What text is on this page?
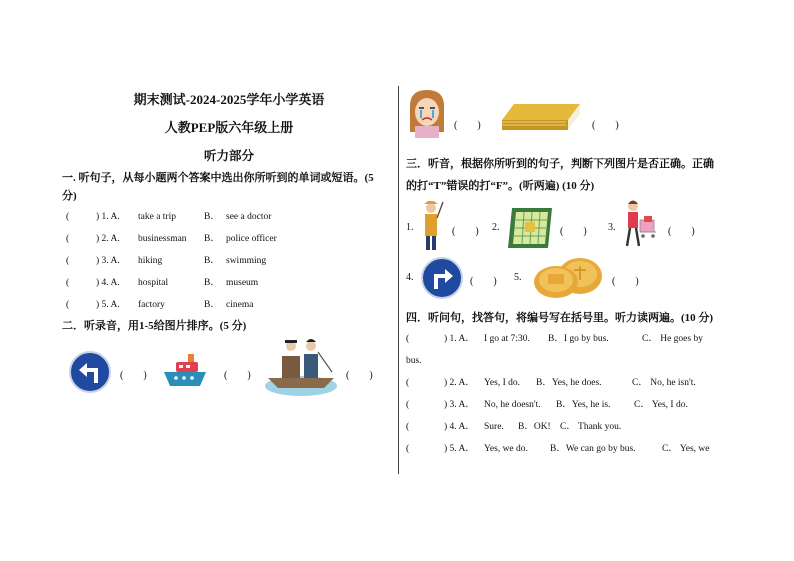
期末测试-2024-2025学年小学英语
人教PEP版六年级上册
听力部分
一. 听句子，从每小题两个答案中选出你所听到的单词或短语。(5
分)
(	) 1. A. take a trip	B． see a doctor
(	) 2. A. businessman B． police officer
(	) 3. A. hiking	B． swimming
(	) 4. A. hospital	B． museum
(	) 5. A. factory	B． cinema
二．听录音，用1-5给图片排序。(5 分)
(　　)	(　　)	(　　)
(　　)	(　　)
三．听音，根据你所听到的句子，判断下列图片是否正确。正确
的打“T”错误的打“F”。(听两遍) (10 分)
1.	(　　) 2.	(　　) 3.	(　　)
4.	(　　) 5.	(　　)
四．听问句，找答句，将编号写在括号里。听力读两遍。(10 分)
(	) 1. A． I go at 7:30. B．I go by bus.	C． He goes by
bus.
(	) 2. A． Yes, I do. B．Yes, he does.	C． No, he isn't.
(	) 3. A． No, he doesn't. B．Yes, he is. C． Yes, I do.
(	) 4. A． Sure. B．OK! C． Thank you.
(	) 5. A． Yes, we do. B．We can go by bus.	C． Yes, we
